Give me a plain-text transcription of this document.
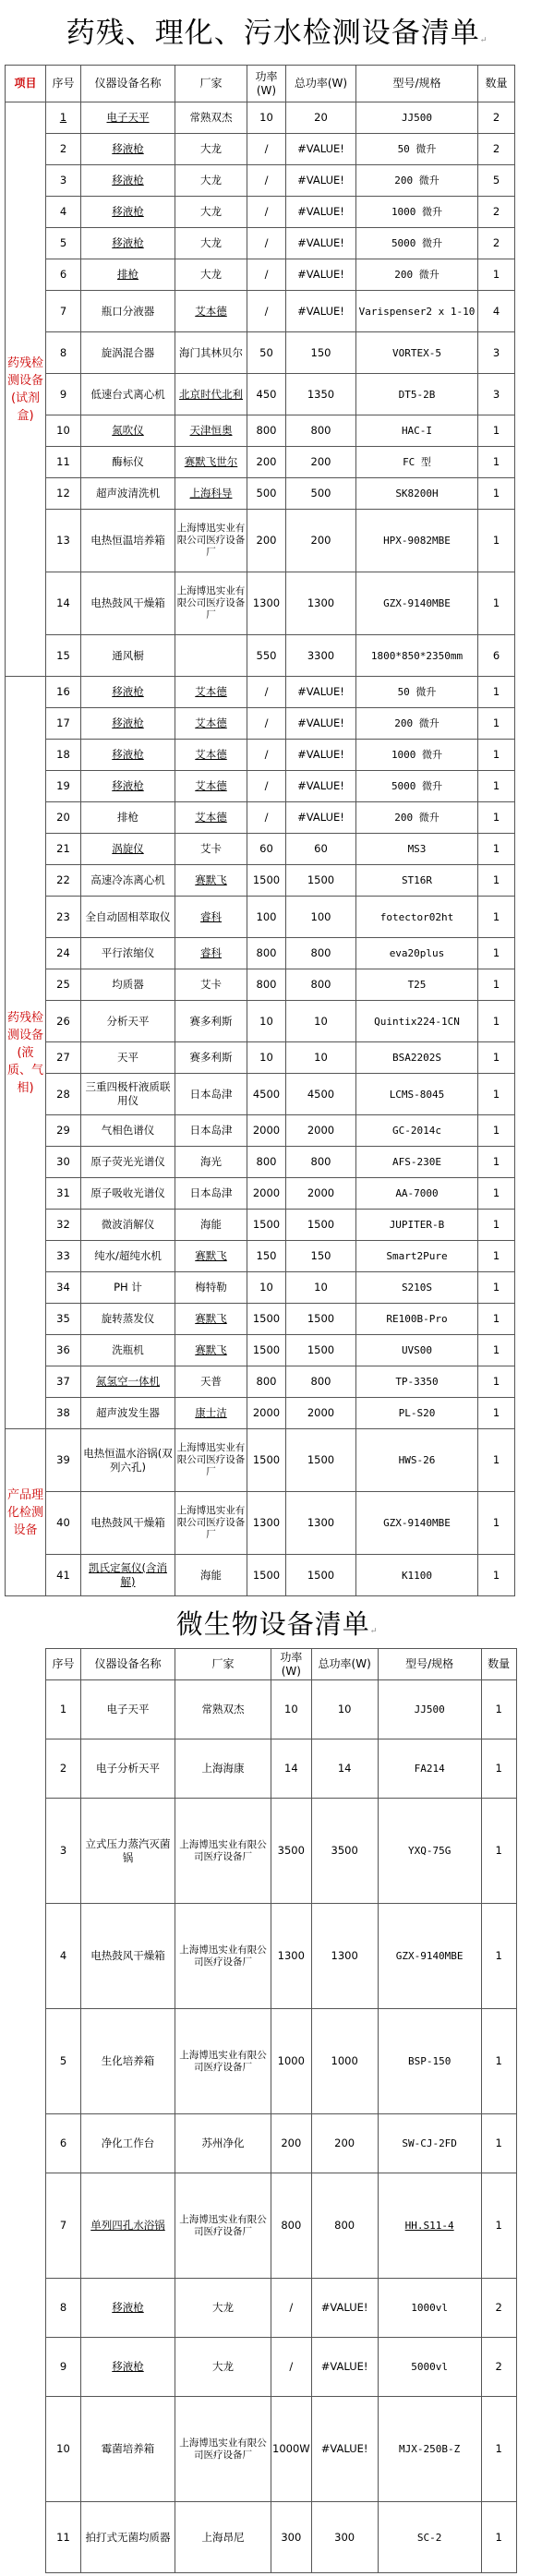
药残、理化、污水检测设备清单↵
项目	序号	仪器设备名称	厂家	功率(W)	总功率(W)	型号/规格	数量
药残检测设备(试剂盒)	1	电子天平	常熟双杰	10	20	JJ500	2
	2	移液枪	大龙	/	#VALUE!	50 微升	2
	3	移液枪	大龙	/	#VALUE!	200 微升	5
	4	移液枪	大龙	/	#VALUE!	1000 微升	2
	5	移液枪	大龙	/	#VALUE!	5000 微升	2
	6	排枪	大龙	/	#VALUE!	200 微升	1
	7	瓶口分液器	艾本德	/	#VALUE!	Varispenser2 x 1-10	4
	8	旋涡混合器	海门其林贝尔	50	150	VORTEX-5	3
	9	低速台式离心机	北京时代北利	450	1350	DT5-2B	3
	10	氮吹仪	天津恒奥	800	800	HAC-I	1
	11	酶标仪	赛默飞世尔	200	200	FC 型	1
	12	超声波清洗机	上海科导	500	500	SK8200H	1
	13	电热恒温培养箱	上海博迅实业有限公司医疗设备厂	200	200	HPX-9082MBE	1
	14	电热鼓风干燥箱	上海博迅实业有限公司医疗设备厂	1300	1300	GZX-9140MBE	1
	15	通风橱		550	3300	1800*850*2350mm	6
药残检测设备(液质、气相)	16	移液枪	艾本德	/	#VALUE!	50 微升	1
	17	移液枪	艾本德	/	#VALUE!	200 微升	1
	18	移液枪	艾本德	/	#VALUE!	1000 微升	1
	19	移液枪	艾本德	/	#VALUE!	5000 微升	1
	20	排枪	艾本德	/	#VALUE!	200 微升	1
	21	涡旋仪	艾卡	60	60	MS3	1
	22	高速冷冻离心机	赛默飞	1500	1500	ST16R	1
	23	全自动固相萃取仪	睿科	100	100	fotector02ht	1
	24	平行浓缩仪	睿科	800	800	eva20plus	1
	25	均质器	艾卡	800	800	T25	1
	26	分析天平	赛多利斯	10	10	Quintix224-1CN	1
	27	天平	赛多利斯	10	10	BSA2202S	1
	28	三重四极杆液质联用仪	日本岛津	4500	4500	LCMS-8045	1
	29	气相色谱仪	日本岛津	2000	2000	GC-2014c	1
	30	原子荧光光谱仪	海光	800	800	AFS-230E	1
	31	原子吸收光谱仪	日本岛津	2000	2000	AA-7000	1
	32	微波消解仪	海能	1500	1500	JUPITER-B	1
	33	纯水/超纯水机	赛默飞	150	150	Smart2Pure	1
	34	PH 计	梅特勒	10	10	S210S	1
	35	旋转蒸发仪	赛默飞	1500	1500	RE100B-Pro	1
	36	洗瓶机	赛默飞	1500	1500	UVS00	1
	37	氮氢空一体机	天普	800	800	TP-3350	1
	38	超声波发生器	康士洁	2000	2000	PL-S20	1
产品理化检测设备	39	电热恒温水浴锅(双列六孔)	上海博迅实业有限公司医疗设备厂	1500	1500	HWS-26	1
	40	电热鼓风干燥箱	上海博迅实业有限公司医疗设备厂	1300	1300	GZX-9140MBE	1
	41	凯氏定氮仪(含消解)	海能	1500	1500	K1100	1
微生物设备清单↵
序号	仪器设备名称	厂家	功率(W)	总功率(W)	型号/规格	数量
1	电子天平	常熟双杰	10	10	JJ500	1
2	电子分析天平	上海海康	14	14	FA214	1
3	立式压力蒸汽灭菌锅	上海博迅实业有限公司医疗设备厂	3500	3500	YXQ-75G	1
4	电热鼓风干燥箱	上海博迅实业有限公司医疗设备厂	1300	1300	GZX-9140MBE	1
5	生化培养箱	上海博迅实业有限公司医疗设备厂	1000	1000	BSP-150	1
6	净化工作台	苏州净化	200	200	SW-CJ-2FD	1
7	单列四孔水浴锅	上海博迅实业有限公司医疗设备厂	800	800	HH.S11-4	1
8	移液枪	大龙	/	#VALUE!	1000vl	2
9	移液枪	大龙	/	#VALUE!	5000vl	2
10	霉菌培养箱	上海博迅实业有限公司医疗设备厂	1000W	#VALUE!	MJX-250B-Z	1
11	拍打式无菌均质器	上海昂尼	300	300	SC-2	1
